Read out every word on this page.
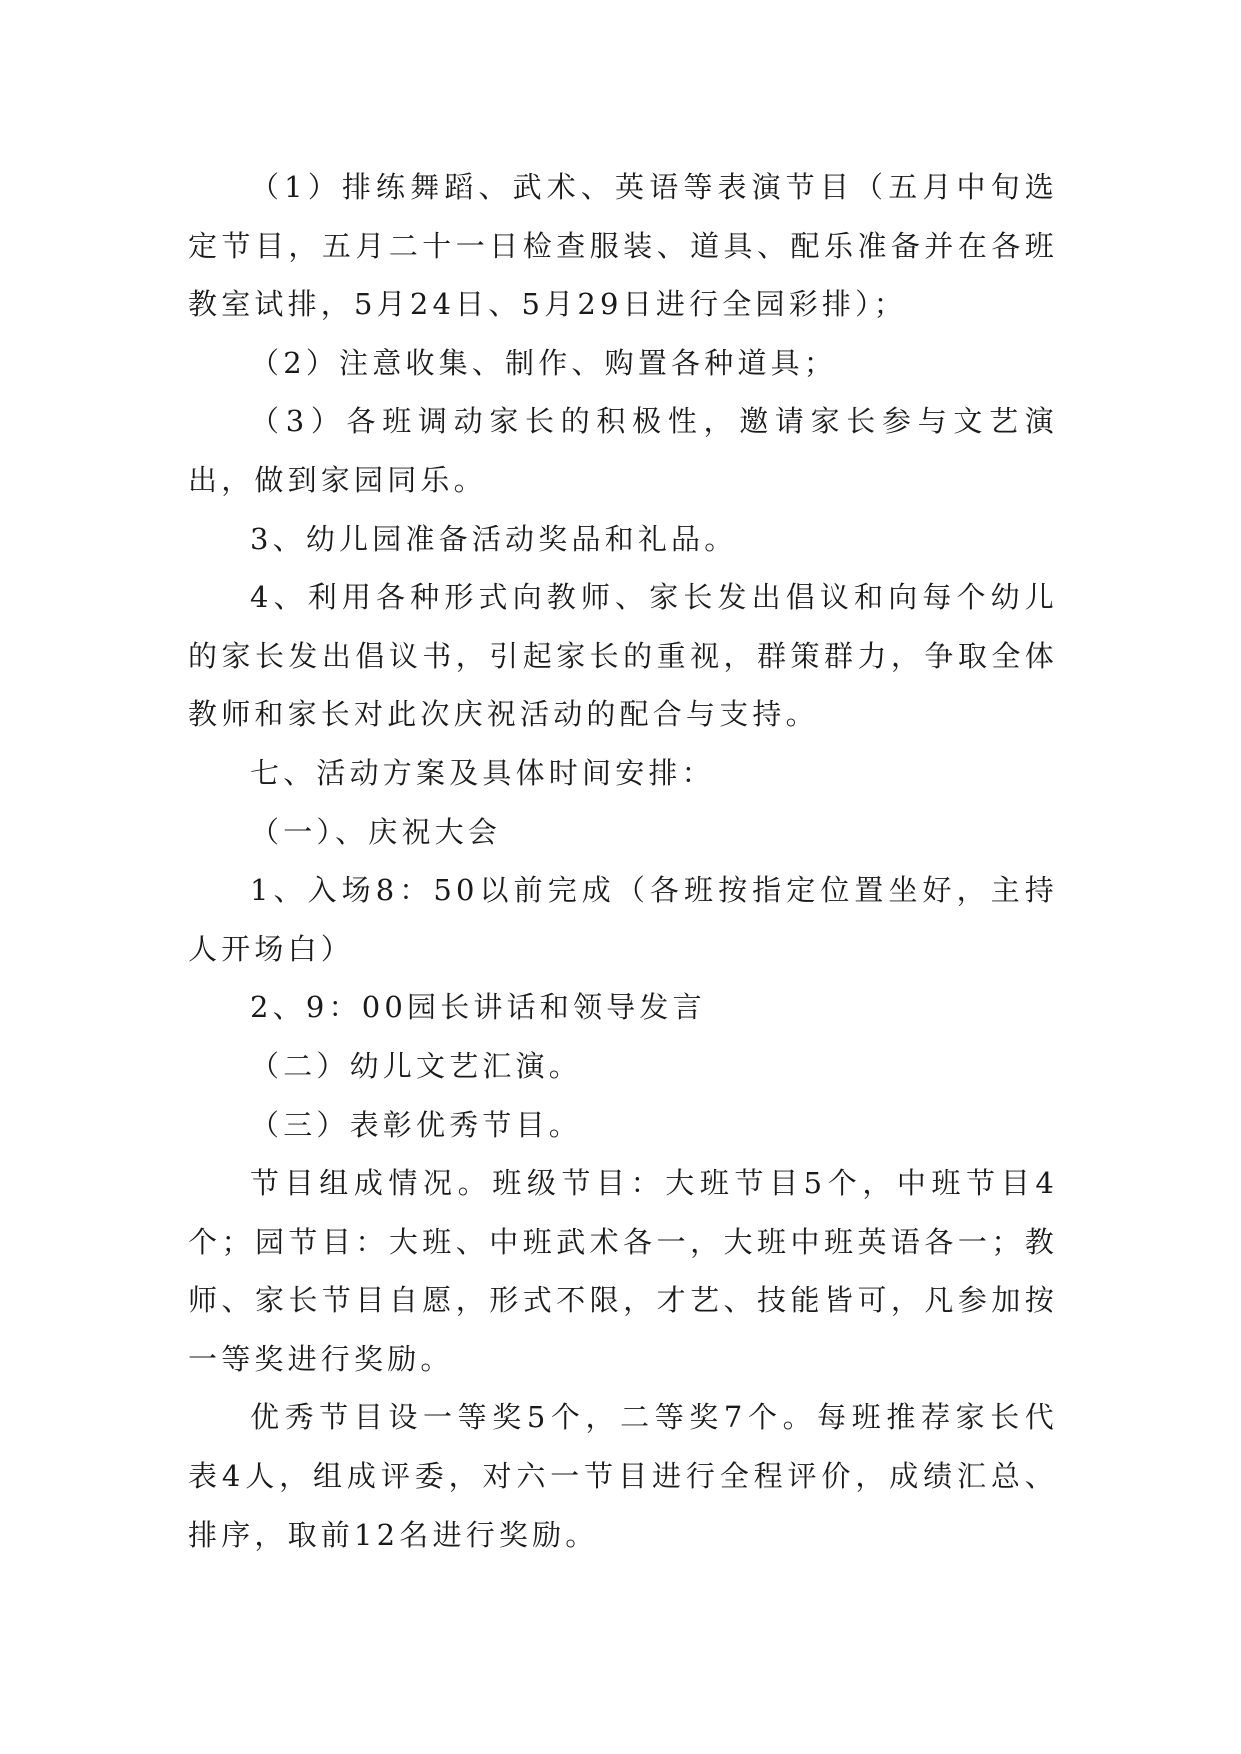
（1）排练舞蹈、武术、英语等表演节目（五月中旬选定节目，五月二十一日检查服装、道具、配乐准备并在各班教室试排，5月24日、5月29日进行全园彩排）；

（2）注意收集、制作、购置各种道具；

（3）各班调动家长的积极性，邀请家长参与文艺演出，做到家园同乐。

3、幼儿园准备活动奖品和礼品。

4、利用各种形式向教师、家长发出倡议和向每个幼儿的家长发出倡议书，引起家长的重视，群策群力，争取全体教师和家长对此次庆祝活动的配合与支持。

七、活动方案及具体时间安排：

（一）、庆祝大会

1、入场8：50以前完成（各班按指定位置坐好，主持人开场白）

2、9：00园长讲话和领导发言

（二）幼儿文艺汇演。

（三）表彰优秀节目。

节目组成情况。班级节目：大班节目5个，中班节目4个；园节目：大班、中班武术各一，大班中班英语各一；教师、家长节目自愿，形式不限，才艺、技能皆可，凡参加按一等奖进行奖励。

优秀节目设一等奖5个，二等奖7个。每班推荐家长代表4人，组成评委，对六一节目进行全程评价，成绩汇总、排序，取前12名进行奖励。
